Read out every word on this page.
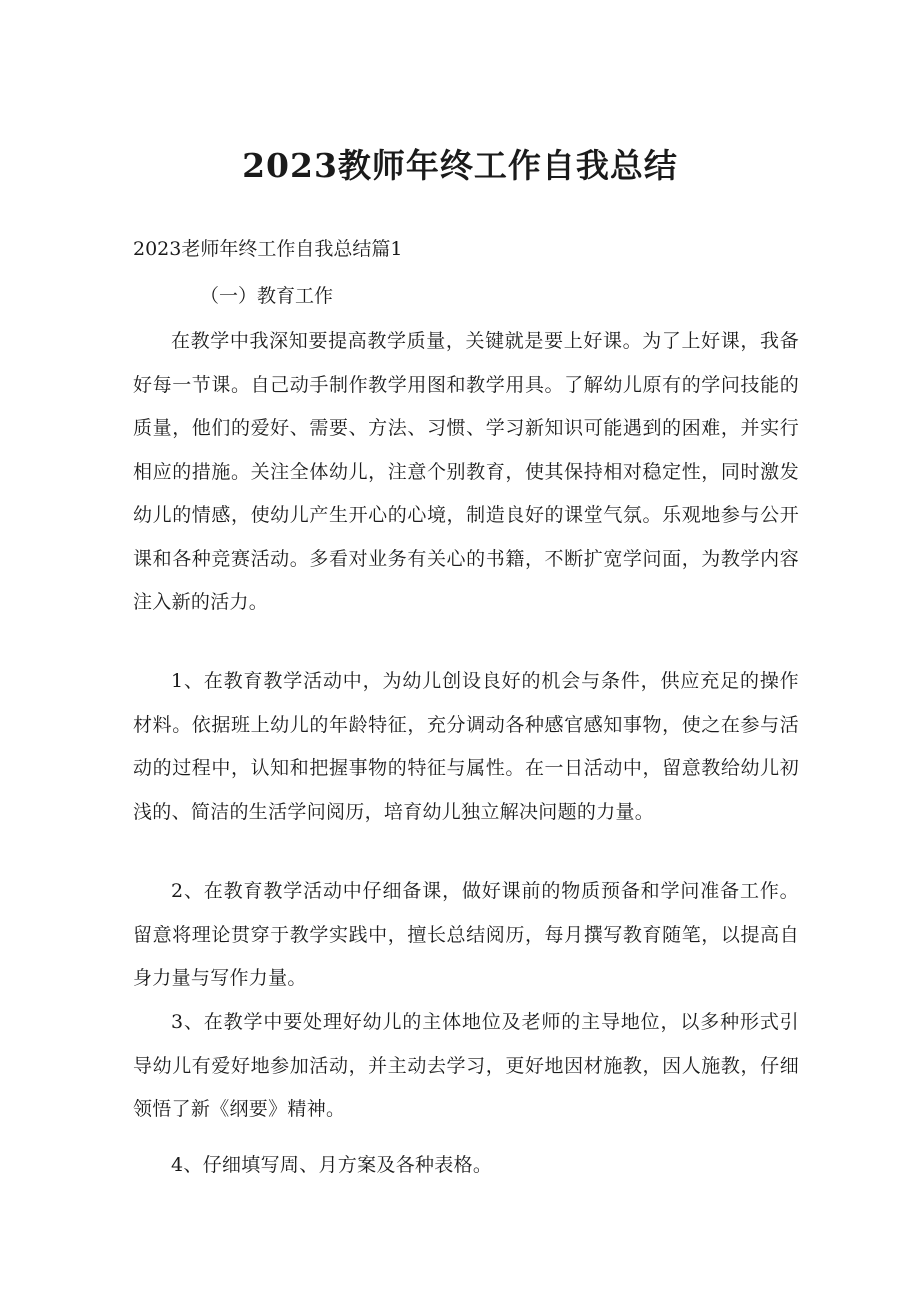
2023教师年终工作自我总结
2023老师年终工作自我总结篇1
（一）教育工作

在教学中我深知要提高教学质量，关键就是要上好课。为了上好课，我备好每一节课。自己动手制作教学用图和教学用具。了解幼儿原有的学问技能的质量，他们的爱好、需要、方法、习惯、学习新知识可能遇到的困难，并实行相应的措施。关注全体幼儿，注意个别教育，使其保持相对稳定性，同时激发幼儿的情感，使幼儿产生开心的心境，制造良好的课堂气氛。乐观地参与公开课和各种竞赛活动。多看对业务有关心的书籍，不断扩宽学问面，为教学内容注入新的活力。

1、在教育教学活动中，为幼儿创设良好的机会与条件，供应充足的操作材料。依据班上幼儿的年龄特征，充分调动各种感官感知事物，使之在参与活动的过程中，认知和把握事物的特征与属性。在一日活动中，留意教给幼儿初浅的、简洁的生活学问阅历，培育幼儿独立解决问题的力量。

2、在教育教学活动中仔细备课，做好课前的物质预备和学问准备工作。留意将理论贯穿于教学实践中，擅长总结阅历，每月撰写教育随笔，以提高自身力量与写作力量。

3、在教学中要处理好幼儿的主体地位及老师的主导地位，以多种形式引导幼儿有爱好地参加活动，并主动去学习，更好地因材施教，因人施教，仔细领悟了新《纲要》精神。

4、仔细填写周、月方案及各种表格。
